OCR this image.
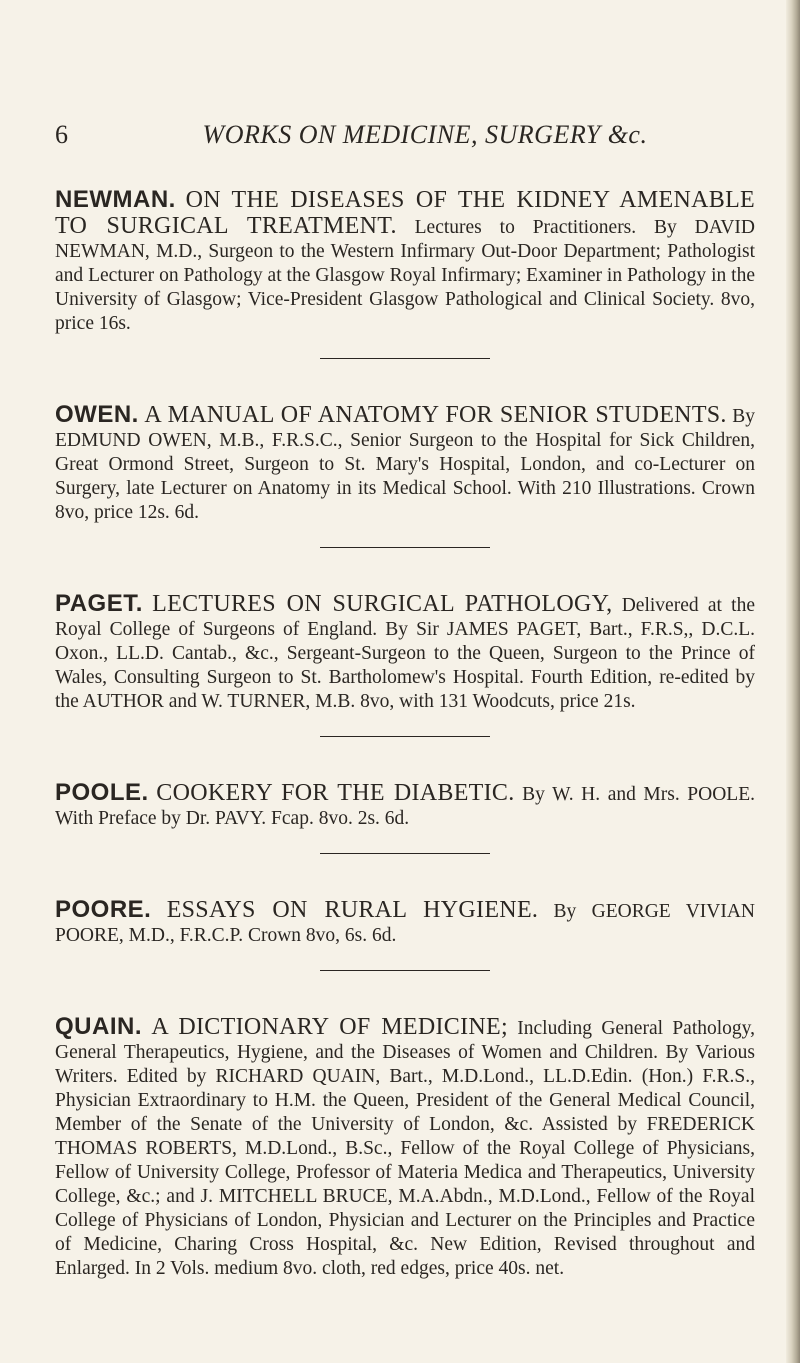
6	WORKS ON MEDICINE, SURGERY &c.

NEWMAN. ON THE DISEASES OF THE KIDNEY AMENABLE TO SURGICAL TREATMENT. Lectures to Practitioners. By DAVID NEWMAN, M.D., Surgeon to the Western Infirmary Out-Door Department; Pathologist and Lecturer on Pathology at the Glasgow Royal Infirmary; Examiner in Pathology in the University of Glasgow; Vice-President Glasgow Pathological and Clinical Society. 8vo, price 16s.

OWEN. A MANUAL OF ANATOMY FOR SENIOR STUDENTS. By EDMUND OWEN, M.B., F.R.S.C., Senior Surgeon to the Hospital for Sick Children, Great Ormond Street, Surgeon to St. Mary's Hospital, London, and co-Lecturer on Surgery, late Lecturer on Anatomy in its Medical School. With 210 Illustrations. Crown 8vo, price 12s. 6d.

PAGET. LECTURES ON SURGICAL PATHOLOGY, Delivered at the Royal College of Surgeons of England. By Sir JAMES PAGET, Bart., F.R.S,, D.C.L. Oxon., LL.D. Cantab., &c., Sergeant-Surgeon to the Queen, Surgeon to the Prince of Wales, Consulting Surgeon to St. Bartholomew's Hospital. Fourth Edition, re-edited by the AUTHOR and W. TURNER, M.B. 8vo, with 131 Woodcuts, price 21s.

POOLE. COOKERY FOR THE DIABETIC. By W. H. and Mrs. POOLE. With Preface by Dr. PAVY. Fcap. 8vo. 2s. 6d.

POORE. ESSAYS ON RURAL HYGIENE. By GEORGE VIVIAN POORE, M.D., F.R.C.P. Crown 8vo, 6s. 6d.

QUAIN. A DICTIONARY OF MEDICINE; Including General Pathology, General Therapeutics, Hygiene, and the Diseases of Women and Children. By Various Writers. Edited by RICHARD QUAIN, Bart., M.D.Lond., LL.D.Edin. (Hon.) F.R.S., Physician Extraordinary to H.M. the Queen, President of the General Medical Council, Member of the Senate of the University of London, &c. Assisted by FREDERICK THOMAS ROBERTS, M.D.Lond., B.Sc., Fellow of the Royal College of Physicians, Fellow of University College, Professor of Materia Medica and Therapeutics, University College, &c.; and J. MITCHELL BRUCE, M.A.Abdn., M.D.Lond., Fellow of the Royal College of Physicians of London, Physician and Lecturer on the Principles and Practice of Medicine, Charing Cross Hospital, &c. New Edition, Revised throughout and Enlarged. In 2 Vols. medium 8vo. cloth, red edges, price 40s. net.
